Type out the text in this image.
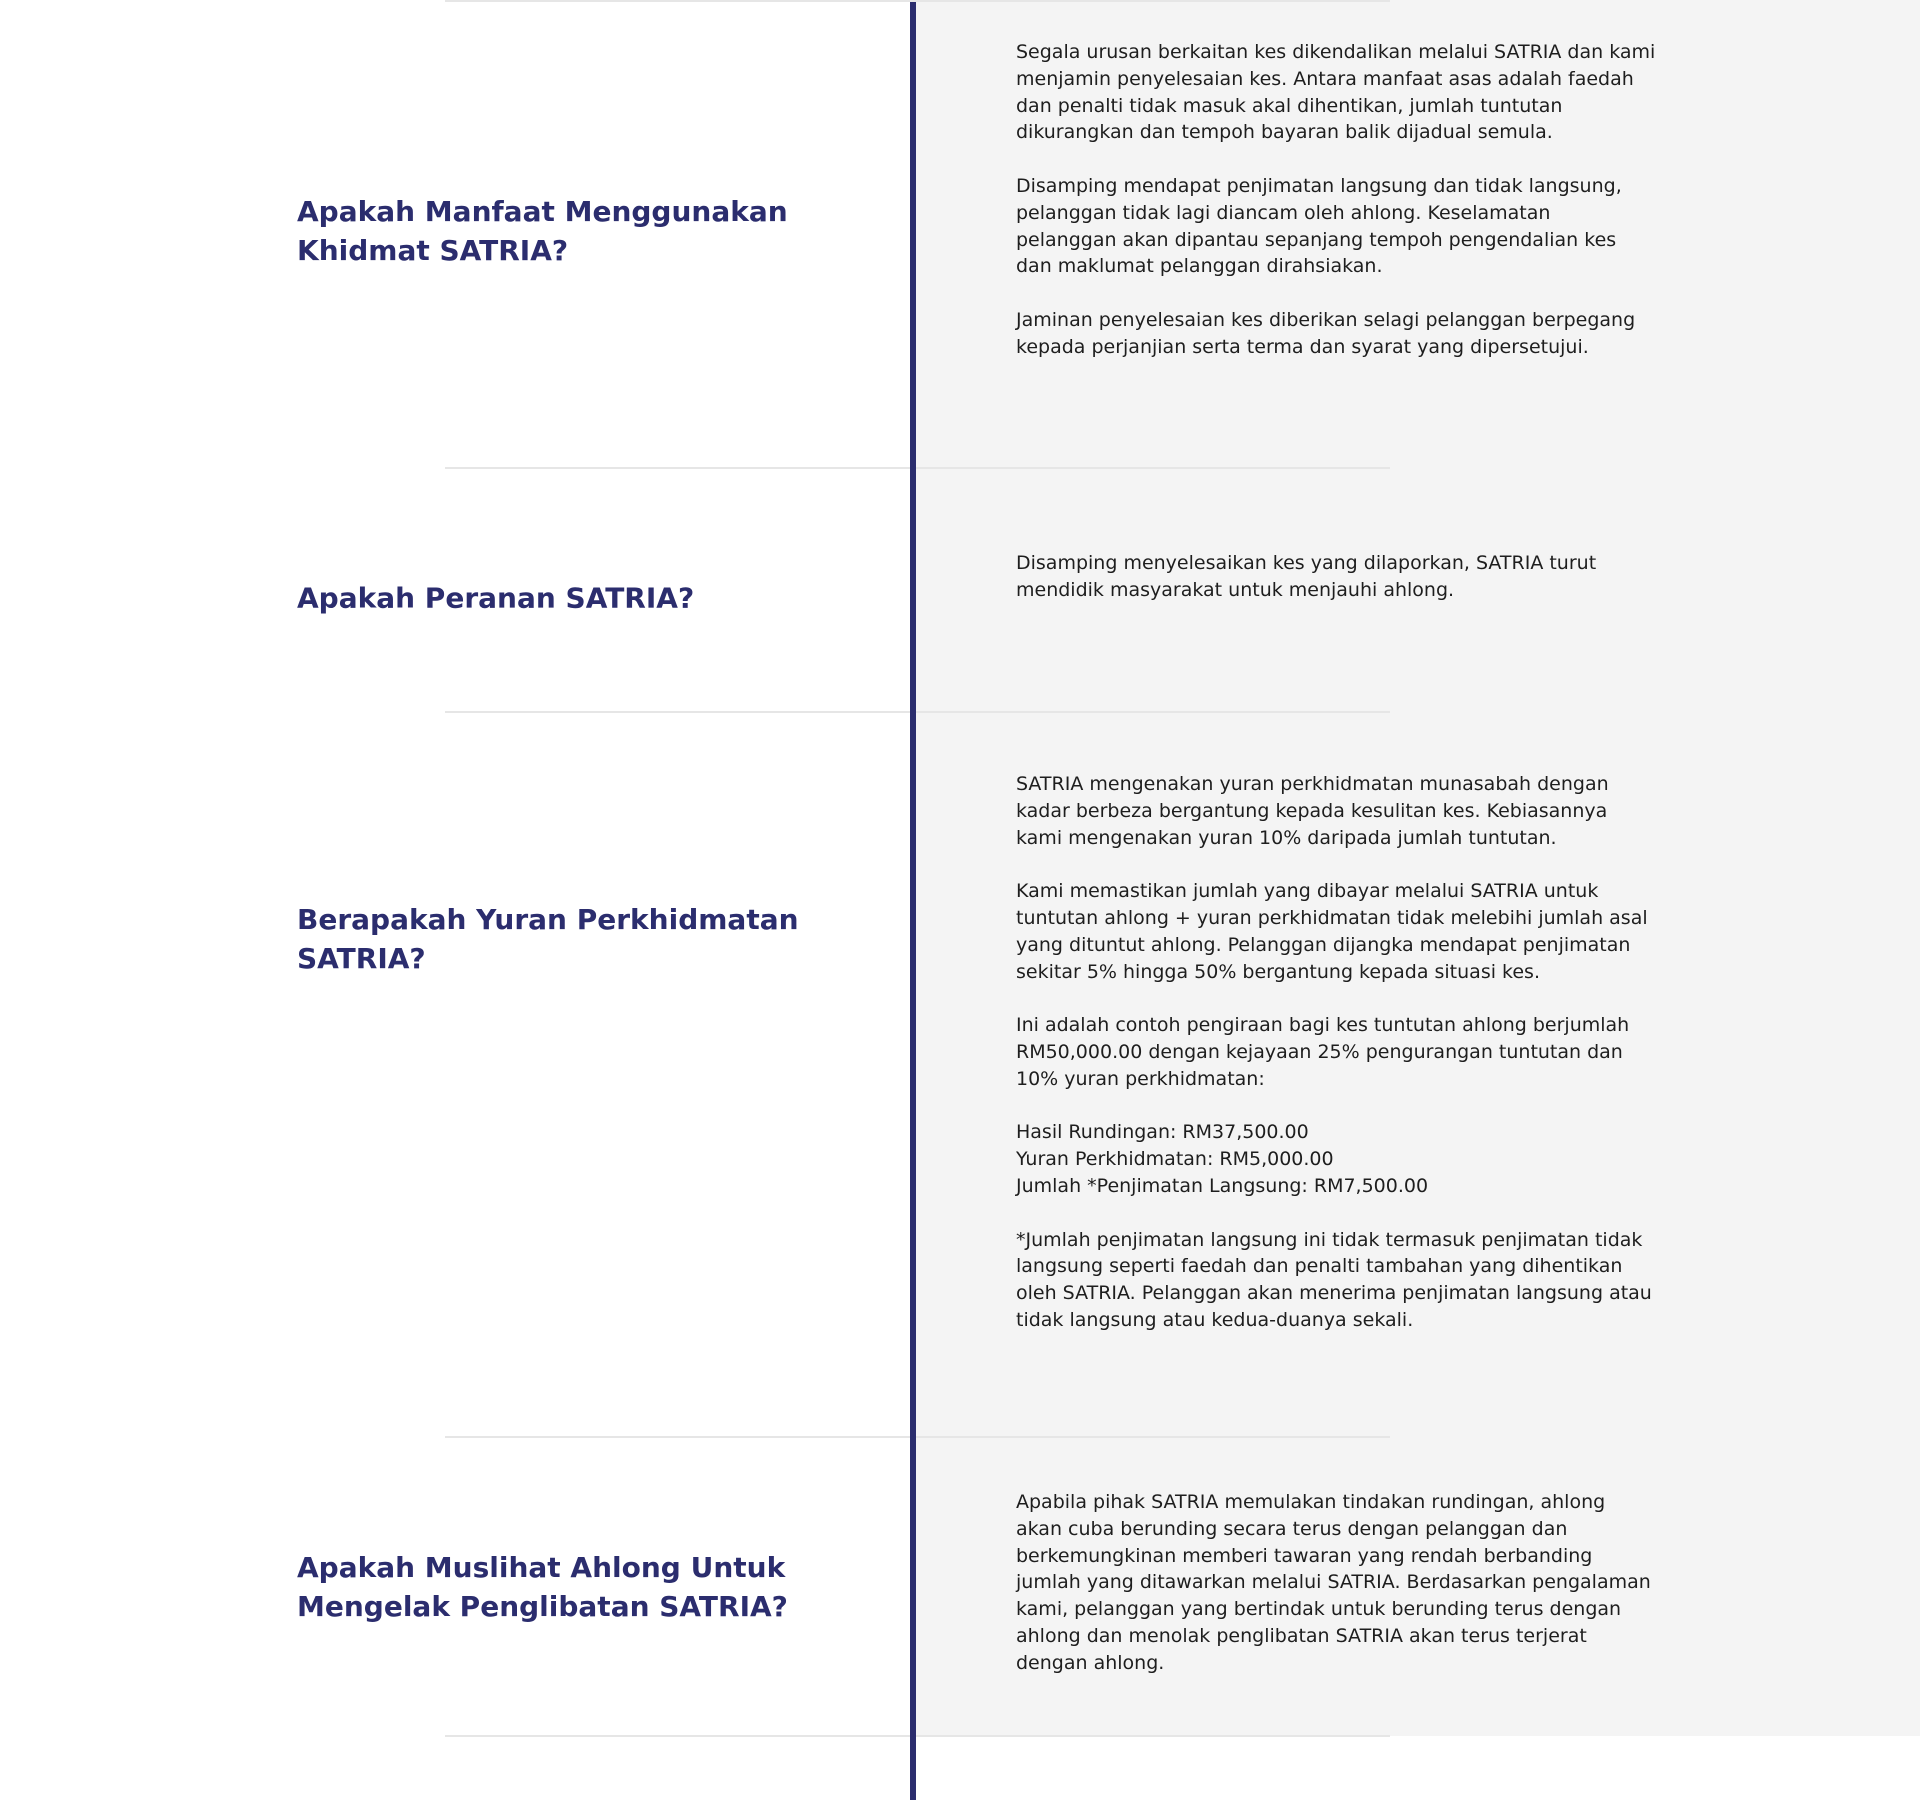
Apakah Manfaat Menggunakan Khidmat SATRIA?

Segala urusan berkaitan kes dikendalikan melalui SATRIA dan kami menjamin penyelesaian kes. Antara manfaat asas adalah faedah dan penalti tidak masuk akal dihentikan, jumlah tuntutan dikurangkan dan tempoh bayaran balik dijadual semula.

Disamping mendapat penjimatan langsung dan tidak langsung, pelanggan tidak lagi diancam oleh ahlong. Keselamatan pelanggan akan dipantau sepanjang tempoh pengendalian kes dan maklumat pelanggan dirahsiakan.

Jaminan penyelesaian kes diberikan selagi pelanggan berpegang kepada perjanjian serta terma dan syarat yang dipersetujui.

Apakah Peranan SATRIA?

Disamping menyelesaikan kes yang dilaporkan, SATRIA turut mendidik masyarakat untuk menjauhi ahlong.

Berapakah Yuran Perkhidmatan SATRIA?

SATRIA mengenakan yuran perkhidmatan munasabah dengan kadar berbeza bergantung kepada kesulitan kes. Kebiasannya kami mengenakan yuran 10% daripada jumlah tuntutan.

Kami memastikan jumlah yang dibayar melalui SATRIA untuk tuntutan ahlong + yuran perkhidmatan tidak melebihi jumlah asal yang dituntut ahlong. Pelanggan dijangka mendapat penjimatan sekitar 5% hingga 50% bergantung kepada situasi kes.

Ini adalah contoh pengiraan bagi kes tuntutan ahlong berjumlah RM50,000.00 dengan kejayaan 25% pengurangan tuntutan dan 10% yuran perkhidmatan:

Hasil Rundingan: RM37,500.00
Yuran Perkhidmatan: RM5,000.00
Jumlah *Penjimatan Langsung: RM7,500.00

*Jumlah penjimatan langsung ini tidak termasuk penjimatan tidak langsung seperti faedah dan penalti tambahan yang dihentikan oleh SATRIA. Pelanggan akan menerima penjimatan langsung atau tidak langsung atau kedua-duanya sekali.

Apakah Muslihat Ahlong Untuk Mengelak Penglibatan SATRIA?

Apabila pihak SATRIA memulakan tindakan rundingan, ahlong akan cuba berunding secara terus dengan pelanggan dan berkemungkinan memberi tawaran yang rendah berbanding jumlah yang ditawarkan melalui SATRIA. Berdasarkan pengalaman kami, pelanggan yang bertindak untuk berunding terus dengan ahlong dan menolak penglibatan SATRIA akan terus terjerat dengan ahlong.
